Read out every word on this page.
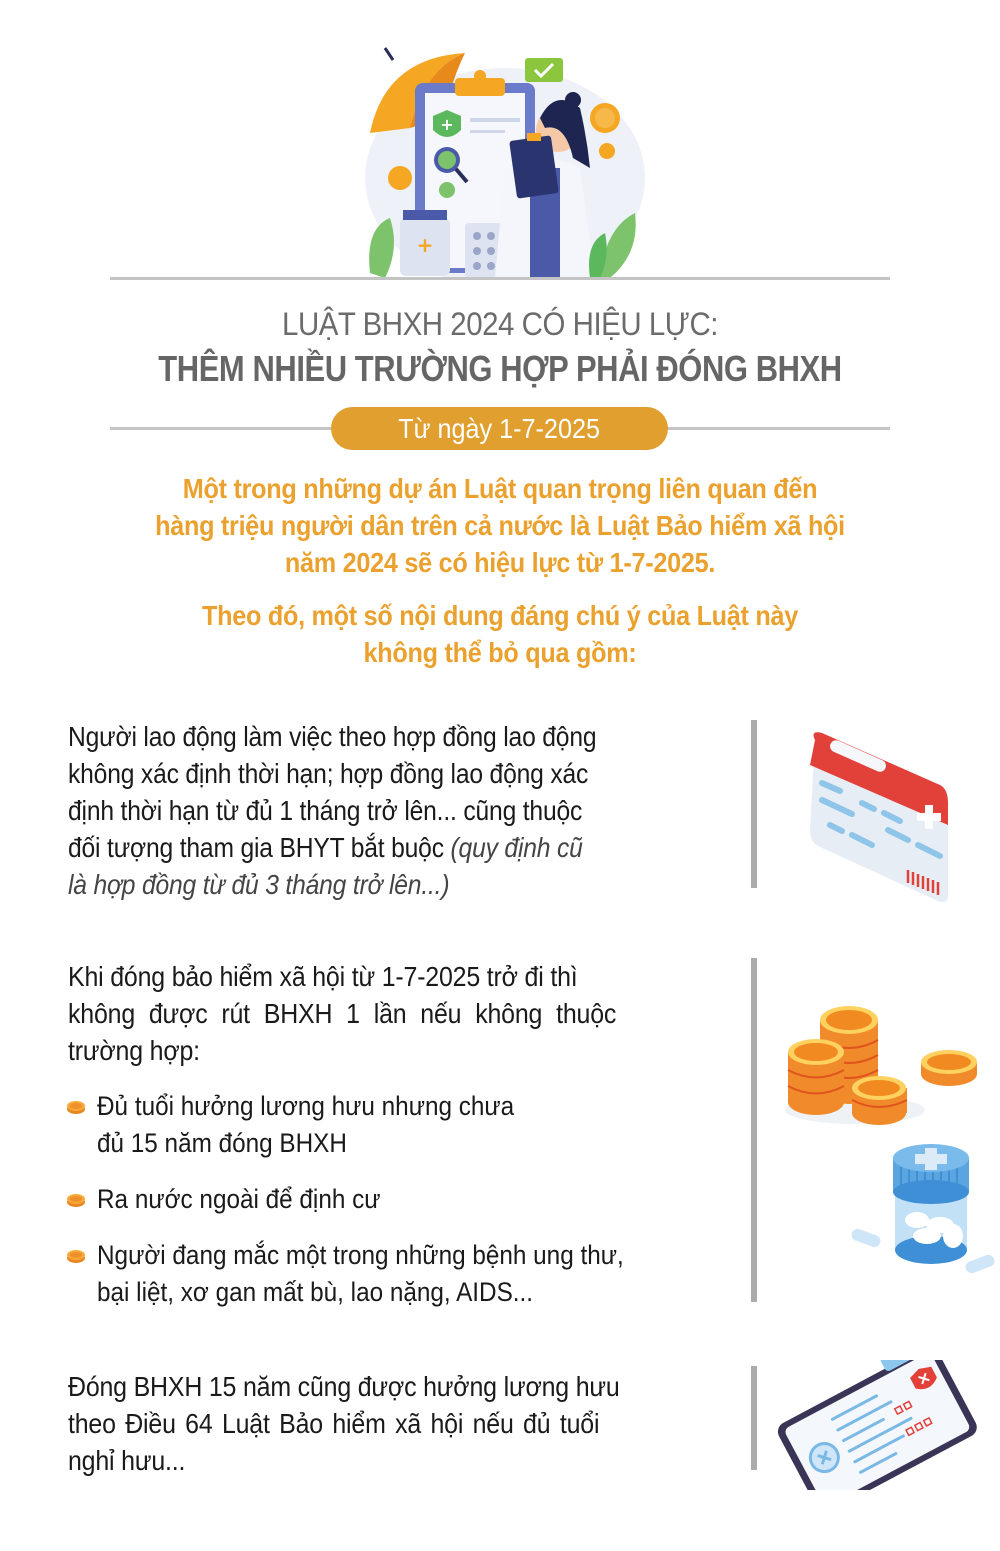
+
+
LUẬT BHXH 2024 CÓ HIỆU LỰC:
THÊM NHIỀU TRƯỜNG HỢP PHẢI ĐÓNG BHXH
Từ ngày 1-7-2025
Một trong những dự án Luật quan trọng liên quan đến
hàng triệu người dân trên cả nước là Luật Bảo hiểm xã hội
năm 2024 sẽ có hiệu lực từ 1-7-2025.
Theo đó, một số nội dung đáng chú ý của Luật này
không thể bỏ qua gồm:
Người lao động làm việc theo hợp đồng lao động
không xác định thời hạn; hợp đồng lao động xác
định thời hạn từ đủ 1 tháng trở lên... cũng thuộc
đối tượng tham gia BHYT bắt buộc (quy định cũ
là hợp đồng từ đủ 3 tháng trở lên...)
Khi đóng bảo hiểm xã hội từ 1-7-2025 trở đi thì
không được rút BHXH 1 lần nếu không thuộc
trường hợp:
Đủ tuổi hưởng lương hưu nhưng chưa
đủ 15 năm đóng BHXH
Ra nước ngoài để định cư
Người đang mắc một trong những bệnh ung thư,
bại liệt, xơ gan mất bù, lao nặng, AIDS...
Đóng BHXH 15 năm cũng được hưởng lương hưu
theo Điều 64 Luật Bảo hiểm xã hội nếu đủ tuổi
nghỉ hưu...
